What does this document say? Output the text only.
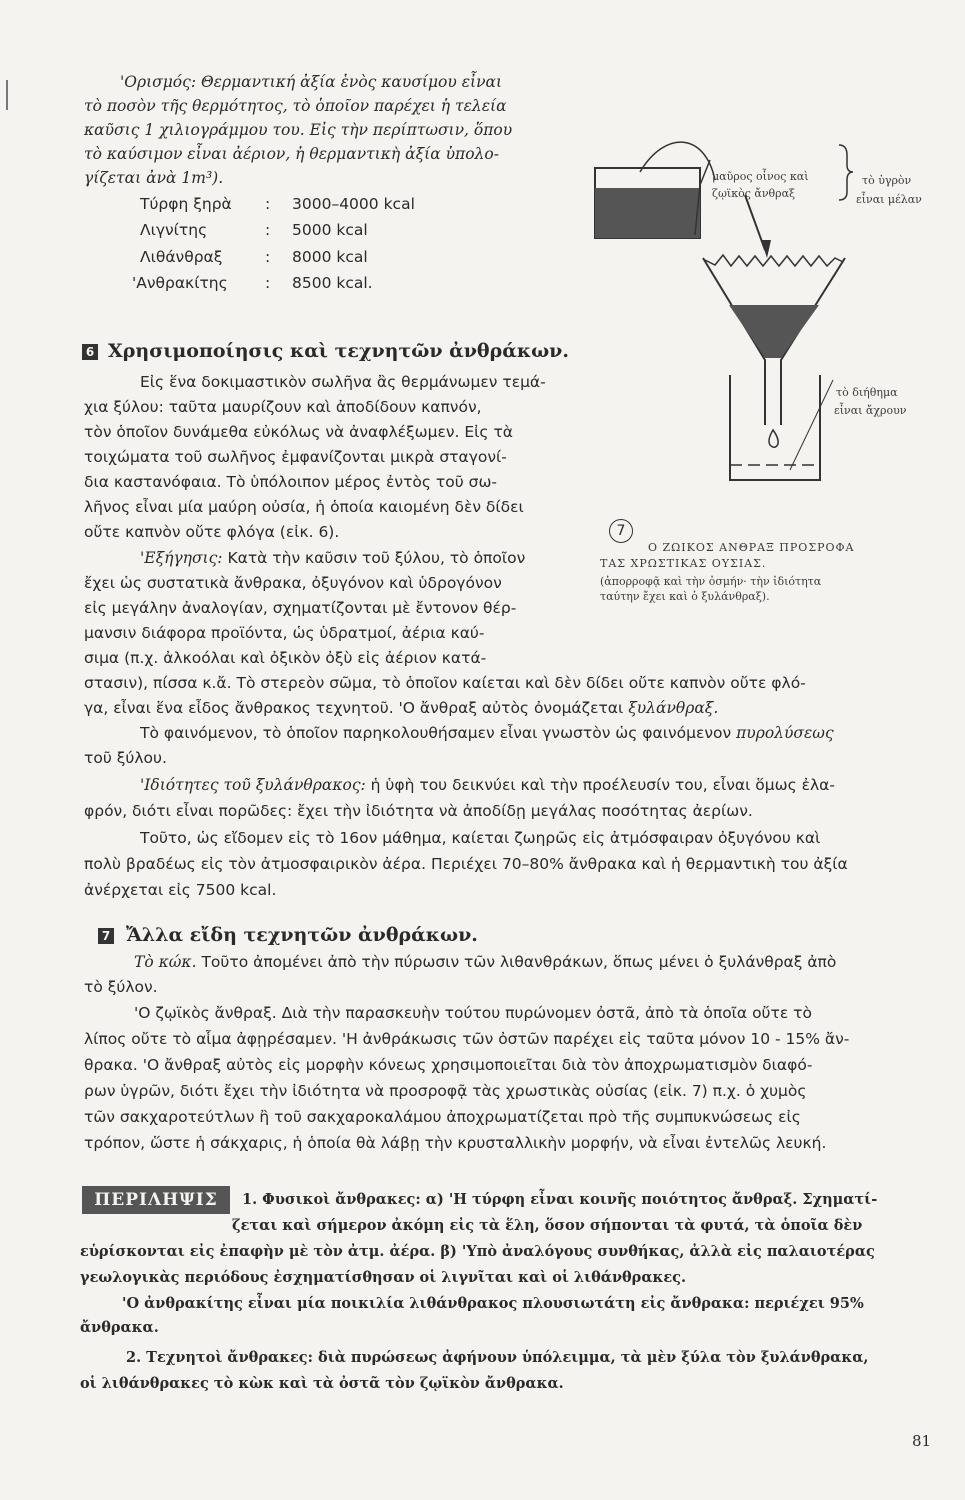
'Ορισμός: Θερμαντική ἀξία ἑνὸς καυσίμου εἶναι
τὸ ποσὸν τῆς θερμότητος, τὸ ὁποῖον παρέχει ἡ τελεία
καῦσις 1 χιλιογράμμου του. Εἰς τὴν περίπτωσιν, ὅπου
τὸ καύσιμον εἶναι ἀέριον, ἡ θερμαντικὴ ἀξία ὑπολο-
γίζεται ἀνὰ 1m³).
Τύρφη ξηρὰ : 3000–4000 kcal
Λιγνίτης	: 5000 kcal
Λιθάνθραξ	: 8000 kcal
'Ανθρακίτης : 8500 kcal.
6 Χρησιμοποίησις καὶ τεχνητῶν ἀνθράκων.
Εἰς ἕνα δοκιμαστικὸν σωλῆνα ἂς θερμάνωμεν τεμά-
χια ξύλου: ταῦτα μαυρίζουν καὶ ἀποδίδουν καπνόν,
τὸν ὁποῖον δυνάμεθα εὐκόλως νὰ ἀναφλέξωμεν. Εἰς τὰ
τοιχώματα τοῦ σωλῆνος ἐμφανίζονται μικρὰ σταγονί-
δια καστανόφαια. Τὸ ὑπόλοιπον μέρος ἐντὸς τοῦ σω-
λῆνος εἶναι μία μαύρη οὐσία, ἡ ὁποία καιομένη δὲν δίδει
οὔτε καπνὸν οὔτε φλόγα (εἰκ. 6).
'Εξήγησις: Κατὰ τὴν καῦσιν τοῦ ξύλου, τὸ ὁποῖον
ἔχει ὡς συστατικὰ ἄνθρακα, ὀξυγόνον καὶ ὑδρογόνον
εἰς μεγάλην ἀναλογίαν, σχηματίζονται μὲ ἔντονον θέρ-
μανσιν διάφορα προϊόντα, ὡς ὑδρατμοί, ἀέρια καύ-
σιμα (π.χ. ἀλκοόλαι καὶ ὀξικὸν ὀξὺ εἰς ἀέριον κατά-
στασιν), πίσσα κ.ἄ. Τὸ στερεὸν σῶμα, τὸ ὁποῖον καίεται καὶ δὲν δίδει οὔτε καπνὸν οὔτε φλό-
γα, εἶναι ἕνα εἶδος ἄνθρακος τεχνητοῦ. 'Ο ἄνθραξ αὐτὸς ὀνομάζεται ξυλάνθραξ.
Τὸ φαινόμενον, τὸ ὁποῖον παρηκολουθήσαμεν εἶναι γνωστὸν ὡς φαινόμενον πυρολύσεως
τοῦ ξύλου.
'Ιδιότητες τοῦ ξυλάνθρακος: ἡ ὑφὴ του δεικνύει καὶ τὴν προέλευσίν του, εἶναι ὅμως ἐλα-
φρόν, διότι εἶναι πορῶδες: ἔχει τὴν ἰδιότητα νὰ ἀποδίδῃ μεγάλας ποσότητας ἀερίων.
Τοῦτο, ὡς εἴδομεν εἰς τὸ 16ον μάθημα, καίεται ζωηρῶς εἰς ἀτμόσφαιραν ὀξυγόνου καὶ
πολὺ βραδέως εἰς τὸν ἀτμοσφαιρικὸν ἀέρα. Περιέχει 70–80% ἄνθρακα καὶ ἡ θερμαντικὴ του ἀξία
ἀνέρχεται εἰς 7500 kcal.
7 Ἄλλα εἴδη τεχνητῶν ἀνθράκων.
Τὸ κώκ. Τοῦτο ἀπομένει ἀπὸ τὴν πύρωσιν τῶν λιθανθράκων, ὅπως μένει ὁ ξυλάνθραξ ἀπὸ
τὸ ξύλον.
'Ο ζῳϊκὸς ἄνθραξ. Διὰ τὴν παρασκευὴν τούτου πυρώνομεν ὀστᾶ, ἀπὸ τὰ ὁποῖα οὔτε τὸ
λίπος οὔτε τὸ αἷμα ἀφῃρέσαμεν. 'Η ἀνθράκωσις τῶν ὀστῶν παρέχει εἰς ταῦτα μόνον 10 - 15% ἄν-
θρακα. 'Ο ἄνθραξ αὐτὸς εἰς μορφὴν κόνεως χρησιμοποιεῖται διὰ τὸν ἀποχρωματισμὸν διαφό-
ρων ὑγρῶν, διότι ἔχει τὴν ἰδιότητα νὰ προσροφᾷ τὰς χρωστικὰς οὐσίας (εἰκ. 7) π.χ. ὁ χυμὸς
τῶν σακχαροτεύτλων ἢ τοῦ σακχαροκαλάμου ἀποχρωματίζεται πρὸ τῆς συμπυκνώσεως εἰς
τρόπον, ὥστε ἡ σάκχαρις, ἡ ὁποία θὰ λάβῃ τὴν κρυσταλλικὴν μορφήν, νὰ εἶναι ἐντελῶς λευκή.
ΠΕΡΙΛΗΨΙΣ	1. Φυσικοὶ ἄνθρακες: α) 'Η τύρφη εἶναι κοινῆς ποιότητος ἄνθραξ. Σχηματί-
ζεται καὶ σήμερον ἀκόμη εἰς τὰ ἕλη, ὅσον σήπονται τὰ φυτά, τὰ ὁποῖα δὲν
εὑρίσκονται εἰς ἐπαφὴν μὲ τὸν ἀτμ. ἀέρα. β) 'Υπὸ ἀναλόγους συνθήκας, ἀλλὰ εἰς παλαιοτέρας
γεωλογικὰς περιόδους ἐσχηματίσθησαν οἱ λιγνῖται καὶ οἱ λιθάνθρακες.
'Ο ἀνθρακίτης εἶναι μία ποικιλία λιθάνθρακος πλουσιωτάτη εἰς ἄνθρακα: περιέχει 95%
ἄνθρακα.
2. Τεχνητοὶ ἄνθρακες: διὰ πυρώσεως ἀφήνουν ὑπόλειμμα, τὰ μὲν ξύλα τὸν ξυλάνθρακα,
οἱ λιθάνθρακες τὸ κὼκ καὶ τὰ ὀστᾶ τὸν ζῳϊκὸν ἄνθρακα.
μαῦρος οἶνος καὶ
ζῳϊκὸς ἄνθραξ
τὸ ὑγρὸν
εἶναι μέλαν
τὸ διήθημα
εἶναι ἄχρουν
7
Ο ΖΩΙΚΟΣ ΑΝΘΡΑΞ ΠΡΟΣΡΟΦΑ
ΤΑΣ ΧΡΩΣΤΙΚΑΣ ΟΥΣΙΑΣ.
(ἀπορροφᾷ καὶ τὴν ὀσμήν· τὴν ἰδιότητα
ταύτην ἔχει καὶ ὁ ξυλάνθραξ).
81
